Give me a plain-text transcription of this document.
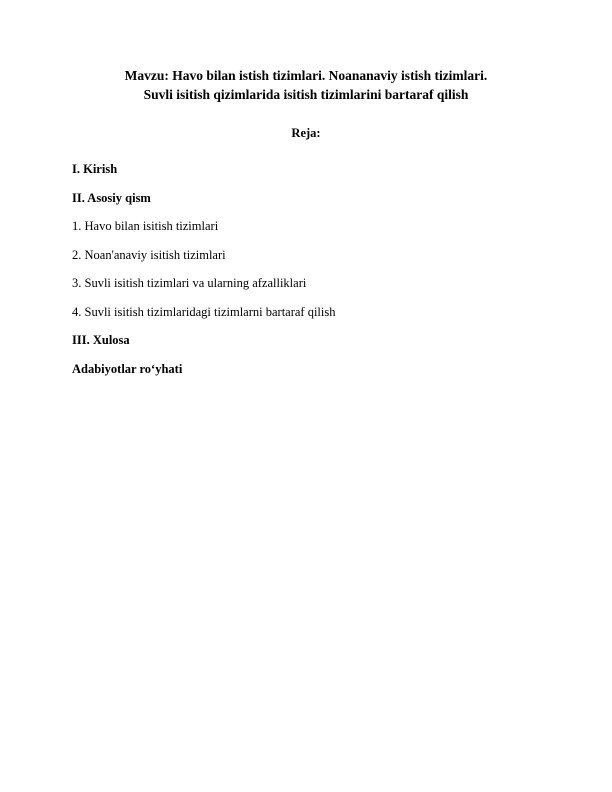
Mavzu: Havo bilan istish tizimlari. Noananaviy istish tizimlari.
Suvli isitish qizimlarida isitish tizimlarini bartaraf qilish

Reja:

I. Kirish

II. Asosiy qism

1. Havo bilan isitish tizimlari

2. Noan'anaviy isitish tizimlari

3. Suvli isitish tizimlari va ularning afzalliklari

4. Suvli isitish tizimlaridagi tizimlarni bartaraf qilish

III. Xulosa

Adabiyotlar roʻyhati
